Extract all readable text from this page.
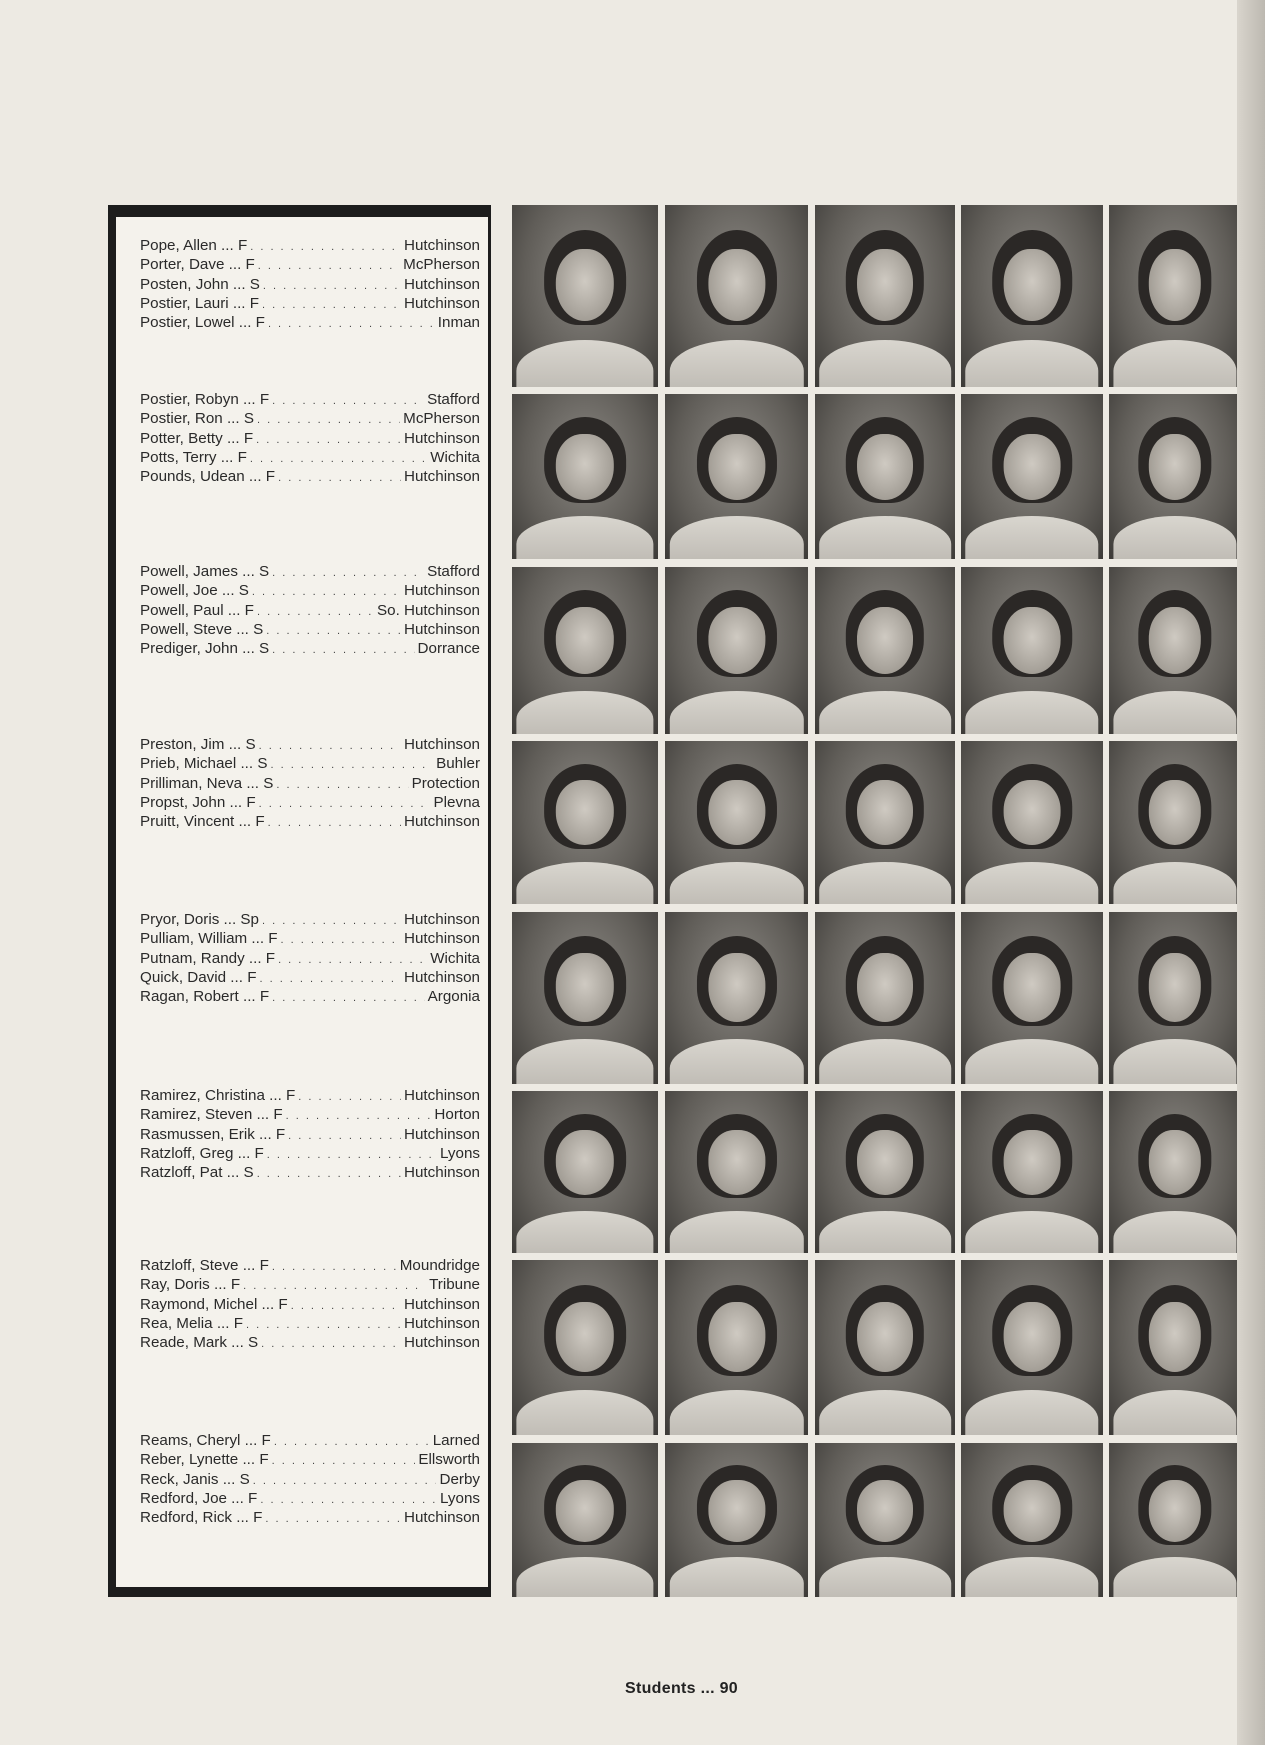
Pope, Allen ... F . . .	Hutchinson
Porter, Dave ... F . . .	McPherson
Posten, John ... S . . .	Hutchinson
Postier, Lauri ... F . . .	Hutchinson
Postier, Lowel ... F . . .	Inman
Postier, Robyn ... F . . .	Stafford
Postier, Ron ... S . . .	McPherson
Potter, Betty ... F . . .	Hutchinson
Potts, Terry ... F . . .	Wichita
Pounds, Udean ... F . . .	Hutchinson
Powell, James ... S . . .	Stafford
Powell, Joe ... S . . .	Hutchinson
Powell, Paul ... F . . .	So. Hutchinson
Powell, Steve ... S . . .	Hutchinson
Prediger, John ... S . . .	Dorrance
Preston, Jim ... S . . .	Hutchinson
Prieb, Michael ... S . . .	Buhler
Prilliman, Neva ... S . . .	Protection
Propst, John ... F . . .	Plevna
Pruitt, Vincent ... F . . .	Hutchinson
Pryor, Doris ... Sp . . .	Hutchinson
Pulliam, William ... F . . .	Hutchinson
Putnam, Randy ... F . . .	Wichita
Quick, David ... F . . .	Hutchinson
Ragan, Robert ... F . . .	Argonia
Ramirez, Christina ... F . . .	Hutchinson
Ramirez, Steven ... F . . .	Horton
Rasmussen, Erik ... F . . .	Hutchinson
Ratzloff, Greg ... F . . .	Lyons
Ratzloff, Pat ... S . . .	Hutchinson
Ratzloff, Steve ... F . . .	Moundridge
Ray, Doris ... F . . .	Tribune
Raymond, Michel ... F . . .	Hutchinson
Rea, Melia ... F . . .	Hutchinson
Reade, Mark ... S . . .	Hutchinson
Reams, Cheryl ... F . . .	Larned
Reber, Lynette ... F . . .	Ellsworth
Reck, Janis ... S . . .	Derby
Redford, Joe ... F . . .	Lyons
Redford, Rick ... F . . .	Hutchinson
Students ... 90
